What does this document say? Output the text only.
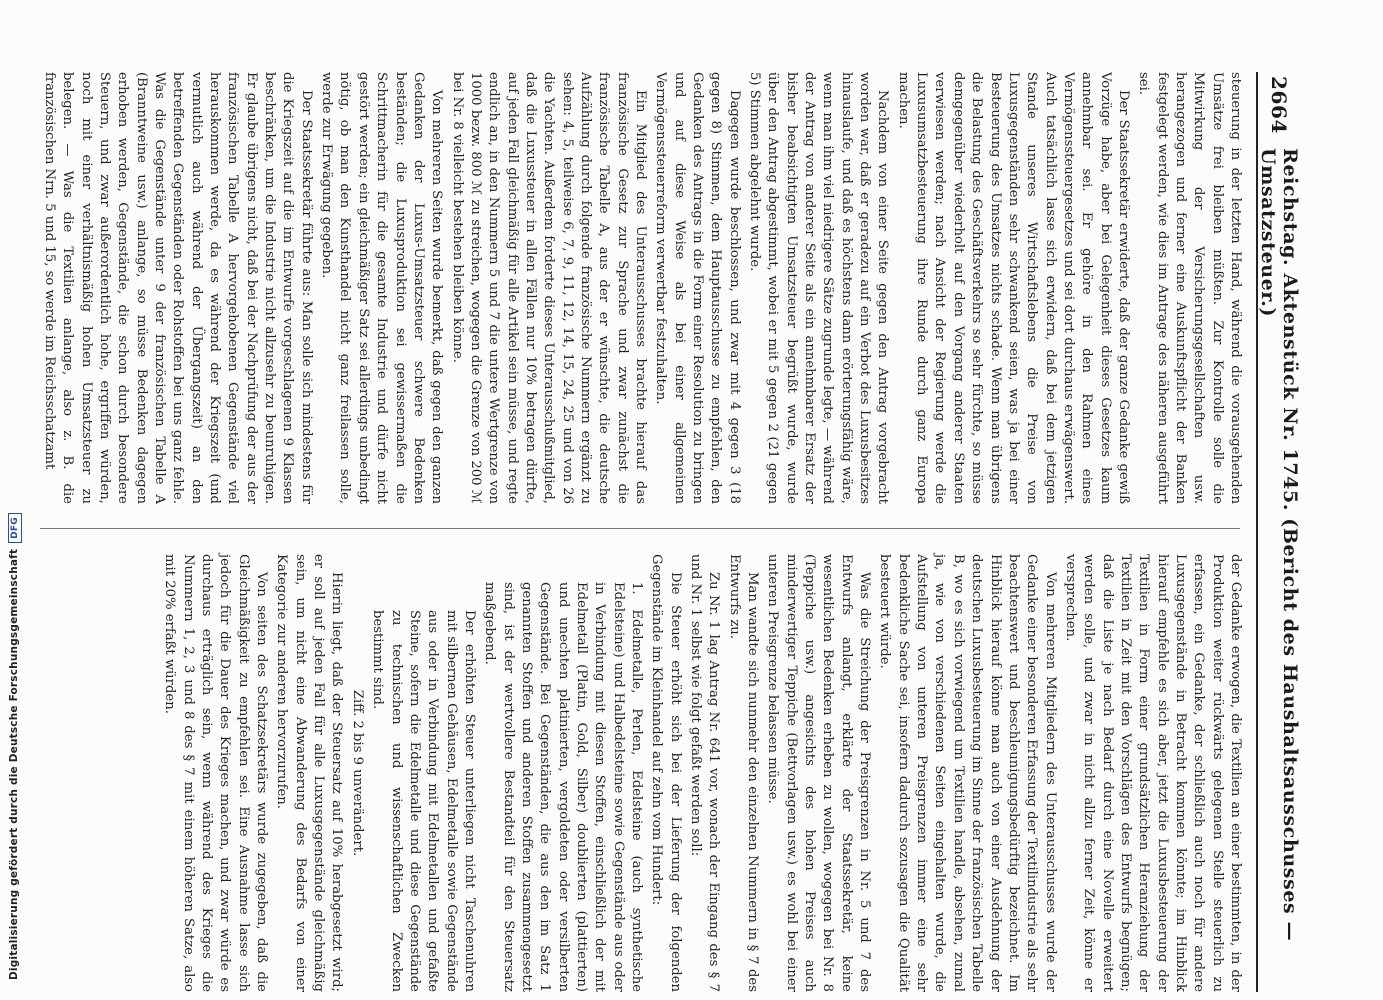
2664
Reichstag. Aktenstück Nr. 1745. (Bericht des Haushaltsausschusses — Umsatzsteuer.)

steuerung in der letzten Hand, während die vorausgehenden Umsätze frei bleiben müßten. Zur Kontrolle solle die Mitwirkung der Versicherungsgesellschaften usw. herangezogen und ferner eine Auskunftspflicht der Banken festgelegt werden, wie dies im Antrage des näheren ausgeführt sei.

Der Staatssekretär erwiderte, daß der ganze Gedanke gewiß Vorzüge habe, aber bei Gelegenheit dieses Gesetzes kaum annehmbar sei. Er gehöre in den Rahmen eines Vermögenssteuergesetzes und sei dort durchaus erwägenswert. Auch tatsächlich lasse sich erwidern, daß bei dem jetzigen Stande unseres Wirtschaftslebens die Preise von Luxusgegenständen sehr schwankend seien, was ja bei einer Besteuerung des Umsatzes nichts schade. Wenn man übrigens die Belastung des Geschäftsverkehrs so sehr fürchte, so müsse demgegenüber wiederholt auf den Vorgang anderer Staaten verwiesen werden; nach Ansicht der Regierung werde die Luxusumsatzbesteuerung ihre Runde durch ganz Europa machen.

Nachdem von einer Seite gegen den Antrag vorgebracht worden war, daß er geradezu auf ein Verbot des Luxusbesitzes hinauslaufe, und daß es höchstens dann erörterungsfähig wäre, wenn man ihm viel niedrigere Sätze zugrunde legte, — während der Antrag von anderer Seite als ein annehmbarer Ersatz der bisher beabsichtigten Umsatzsteuer begrüßt wurde, wurde über den Antrag abgestimmt, wobei er mit 5 gegen 2 (21 gegen 5) Stimmen abgelehnt wurde.

Dagegen wurde beschlossen, und zwar mit 4 gegen 3 (18 gegen 8) Stimmen, dem Hauptausschusse zu empfehlen, den Gedanken des Antrags in die Form einer Resolution zu bringen und auf diese Weise als bei einer allgemeinen Vermögenssteuerreform verwertbar festzuhalten.

Ein Mitglied des Unterausschusses brachte hierauf das französische Gesetz zur Sprache und zwar zunächst die französische Tabelle A, aus der er wünschte, die deutsche Aufzählung durch folgende französische Nummern ergänzt zu sehen: 4, 5, teilweise 6, 7, 9, 11, 12, 14, 15, 24, 25 und von 26 die Yachten. Außerdem forderte dieses Unterausschußmitglied, daß die Luxussteuer in allen Fällen nur 10% betragen dürfte, auf jeden Fall gleichmäßig für alle Artikel sein müsse, und regte endlich an, in den Nummern 5 und 7 die untere Wertgrenze von 1000 bezw. 800 ℳ zu streichen, wogegen die Grenze von 200 ℳ bei Nr. 8 vielleicht bestehen bleiben könne.

Von mehreren Seiten wurde bemerkt, daß gegen den ganzen Gedanken der Luxus-Umsatzsteuer schwere Bedenken beständen; die Luxusproduktion sei gewissermaßen die Schrittmacherin für die gesamte Industrie und dürfe nicht gestört werden; ein gleichmäßiger Satz sei allerdings unbedingt nötig, ob man den Kunsthandel nicht ganz freilassen solle, werde zur Erwägung gegeben.

Der Staatssekretär führte aus: Man solle sich mindestens für die Kriegszeit auf die im Entwurfe vorgeschlagenen 9 Klassen beschränken, um die Industrie nicht allzusehr zu beunruhigen. Er glaube übrigens nicht, daß bei der Nachprüfung der aus der französischen Tabelle A hervorgehobenen Gegenstände viel herauskommen werde, da es während der Kriegszeit (und vermutlich auch während der Übergangszeit) an den betreffenden Gegenständen oder Rohstoffen bei uns ganz fehle. Was die Gegenstände unter 9 der französischen Tabelle A (Branntweine usw.) anlange, so müsse Bedenken dagegen erhoben werden, Gegenstände, die schon durch besondere Steuern, und zwar außerordentlich hohe, ergriffen würden, noch mit einer verhältnismäßig hohen Umsatzsteuer zu belegen. — Was die Textilien anlange, also z. B. die französischen Nrn. 5 und 15, so werde im Reichsschatzamt

der Gedanke erwogen, die Textilien an einer bestimmten, in der Produktion weiter rückwärts gelegenen Stelle steuerlich zu erfassen, ein Gedanke, der schließlich auch noch für andere Luxusgegenstände in Betracht kommen könnte; im Hinblick hierauf empfehle es sich aber, jetzt die Luxusbesteuerung der Textilien in Form einer grundsätzlichen Heranziehung der Textilien in Zeit mit den Vorschlägen des Entwurfs begnügen; daß die Liste je nach Bedarf durch eine Novelle erweitert werden solle, und zwar in nicht allzu ferner Zeit, könne er versprechen.

Von mehreren Mitgliedern des Unterausschusses wurde der Gedanke einer besonderen Erfassung der Textilindustrie als sehr beachtenswert und beschleunigungsbedürftig bezeichnet. Im Hinblick hierauf könne man auch von einer Ausdehnung der deutschen Luxusbesteuerung im Sinne der französischen Tabelle B, wo es sich vorwiegend um Textilien handle, absehen, zumal ja, wie von verschiedenen Seiten eingehalten wurde, die Aufstellung von unteren Preisgrenzen immer eine sehr bedenkliche Sache sei, insofern dadurch sozusagen die Qualität besteuert würde.

Was die Streichung der Preisgrenzen in Nr. 5 und 7 des Entwurfs anlangt, erklärte der Staatssekretär, keine wesentlichen Bedenken erheben zu wollen, wogegen bei Nr. 8 (Teppiche usw.) angesichts des hohen Preises auch minderwertiger Teppiche (Bettvorlagen usw.) es wohl bei einer unteren Preisgrenze belassen müsse.

Man wandte sich nunmehr den einzelnen Nummern in § 7 des Entwurfs zu.

Zu Nr. 1 lag Antrag Nr. 641 vor, wonach der Eingang des § 7 und Nr. 1 selbst wie folgt gefaßt werden soll:

Die Steuer erhöht sich bei der Lieferung der folgenden Gegenstände im Kleinhandel auf zehn vom Hundert:

1. Edelmetalle, Perlen, Edelsteine (auch synthetische Edelsteine) und Halbedelsteine sowie Gegenstände aus oder in Verbindung mit diesen Stoffen, einschließlich der mit Edelmetall (Platin, Gold, Silber) doublierten (plattierten) und unechten platinierten, vergoldeten oder versilberten Gegenstände. Bei Gegenständen, die aus den im Satz 1 genannten Stoffen und anderen Stoffen zusammengesetzt sind, ist der wertvollere Bestandteil für den Steuersatz maßgebend.

Der erhöhten Steuer unterliegen nicht Taschenuhren mit silbernen Gehäusen, Edelmetalle sowie Gegenstände aus oder in Verbindung mit Edelmetallen und gefaßte Steine, sofern die Edelmetalle und diese Gegenstände zu technischen und wissenschaftlichen Zwecken bestimmt sind.

Ziff. 2 bis 9 unverändert.

Hierin liegt, daß der Steuersatz auf 10% herabgesetzt wird; er soll auf jeden Fall für alle Luxusgegenstände gleichmäßig sein, um nicht eine Abwanderung des Bedarfs von einer Kategorie zur anderen hervorzurufen.

Von seiten des Schatzsekretärs wurde zugegeben, daß die Gleichmäßigkeit zu empfehlen sei. Eine Ausnahme lasse sich jedoch für die Dauer des Krieges machen, und zwar würde es durchaus erträglich sein, wenn während des Krieges die Nummern 1, 2, 3 und 8 des § 7 mit einem höheren Satze, also mit 20% erfaßt würden.

Digitalisierung gefördert durch die Deutsche ForschungsgemeinschaftDFG
